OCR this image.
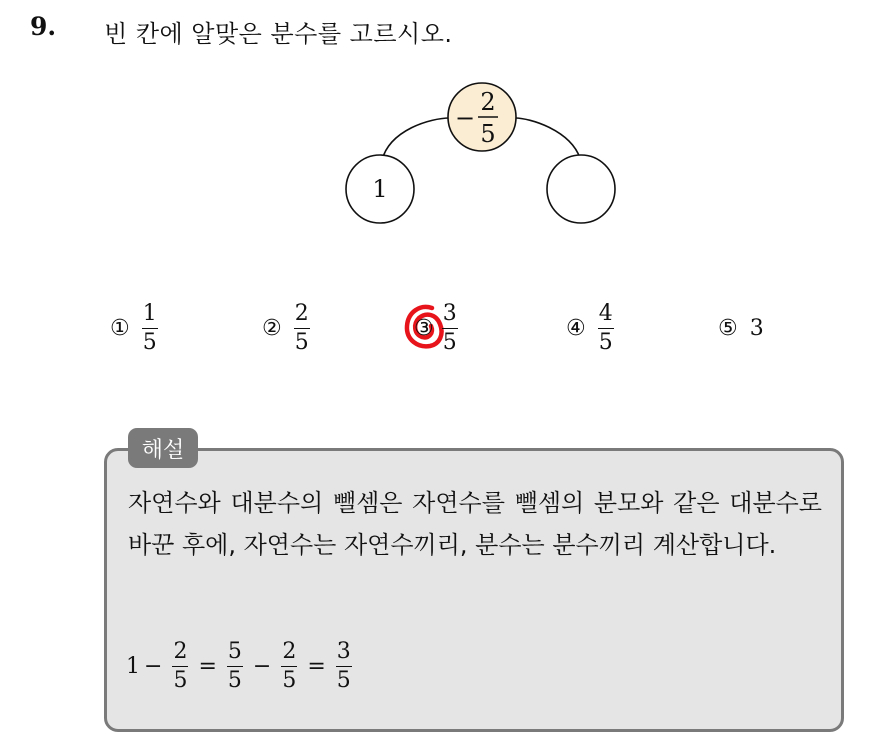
9. 빈 칸에 알맞은 분수를 고르시오.
−
2
5
1
① $\frac{1}{5}$	② $\frac{2}{5}$	③ $\frac{3}{5}$	④ $\frac{4}{5}$	⑤ 3
해설
자연수와 대분수의 뺄셈은 자연수를 뺄셈의 분모와 같은 대분수로 바꾼 후에, 자연수는 자연수끼리, 분수는 분수끼리 계산합니다.
$1 - \frac{2}{5} = \frac{5}{5} - \frac{2}{5} = \frac{3}{5}$
